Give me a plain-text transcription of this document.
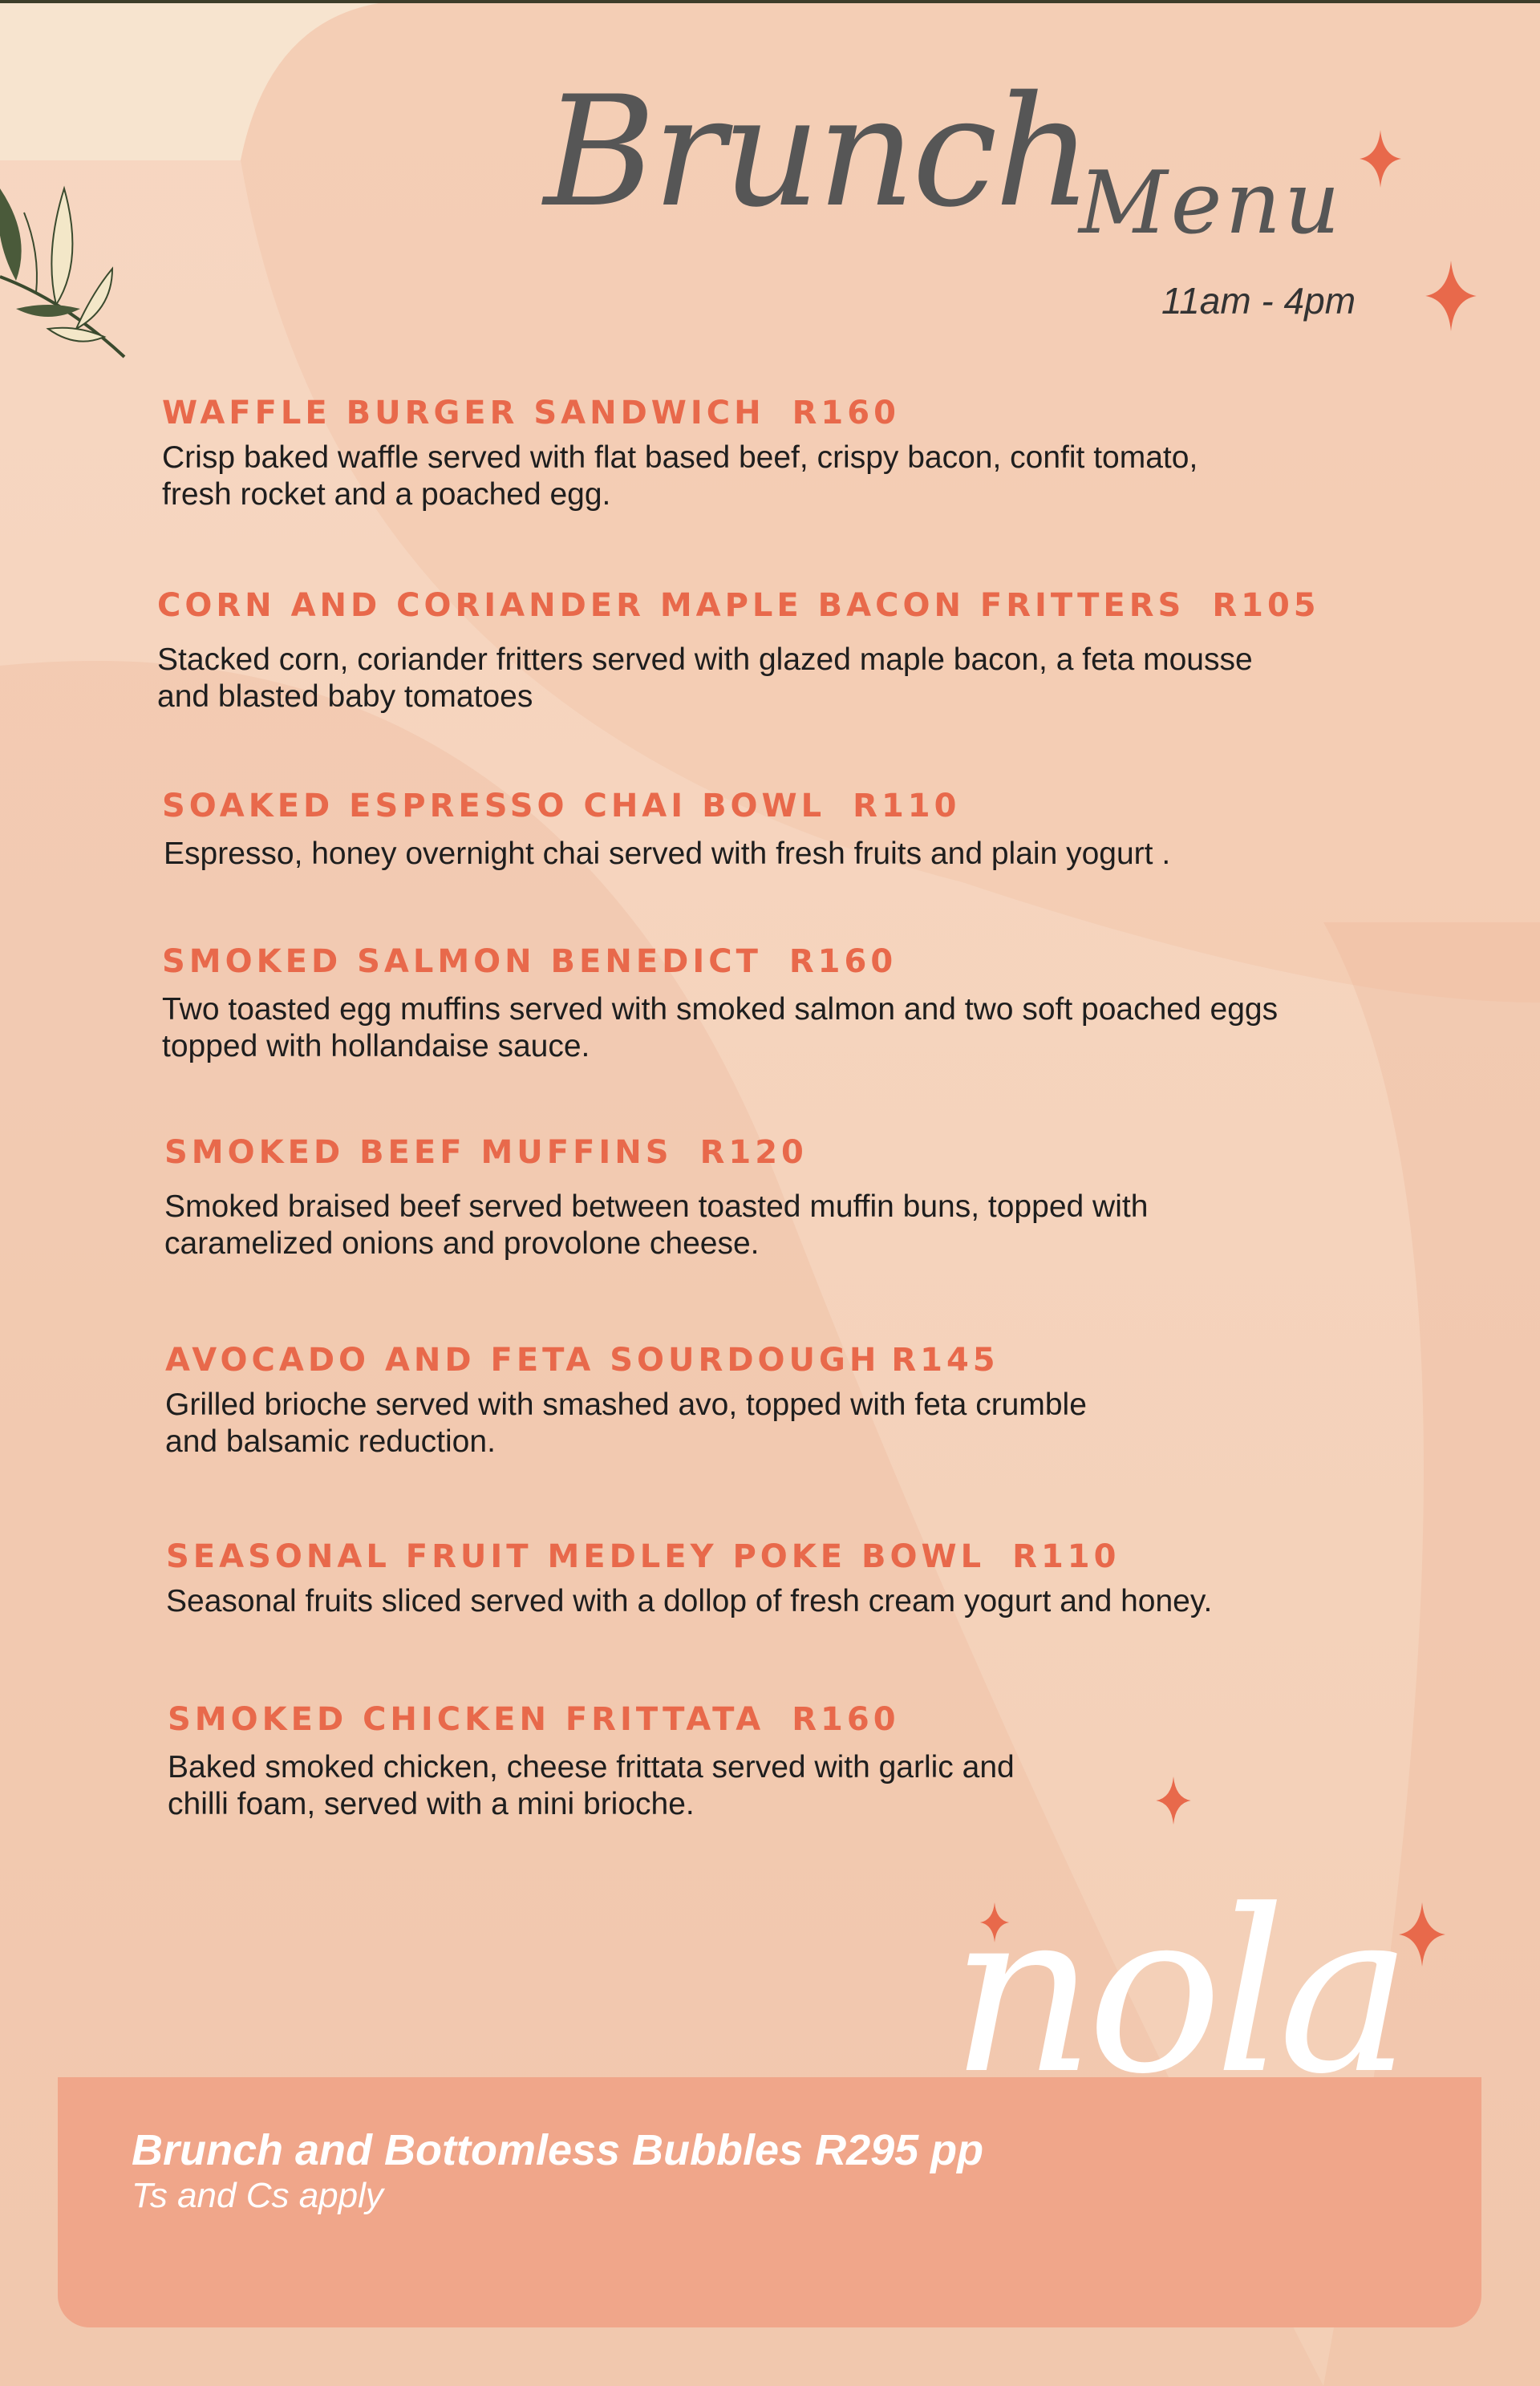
Brunch
Menu
11am - 4pm

WAFFLE BURGER SANDWICH R160

Crisp baked waffle served with flat based beef, crispy bacon, confit tomato,
fresh rocket and a poached egg.

CORN AND CORIANDER MAPLE BACON FRITTERS R105

Stacked corn, coriander fritters served with glazed maple bacon, a feta mousse
and blasted baby tomatoes

SOAKED ESPRESSO CHAI BOWL R110

Espresso, honey overnight chai served with fresh fruits and plain yogurt .

SMOKED SALMON BENEDICT R160

Two toasted egg muffins served with smoked salmon and two soft poached eggs
topped with hollandaise sauce.

SMOKED BEEF MUFFINS R120

Smoked braised beef served between toasted muffin buns, topped with
caramelized onions and provolone cheese.

AVOCADO AND FETA SOURDOUGH R145

Grilled brioche served with smashed avo, topped with feta crumble
and balsamic reduction.

SEASONAL FRUIT MEDLEY POKE BOWL R110

Seasonal fruits sliced served with a dollop of fresh cream yogurt and honey.

SMOKED CHICKEN FRITTATA R160

Baked smoked chicken, cheese frittata served with garlic and
chilli foam, served with a mini brioche.

Brunch and Bottomless Bubbles R295 pp
Ts and Cs apply
nola
